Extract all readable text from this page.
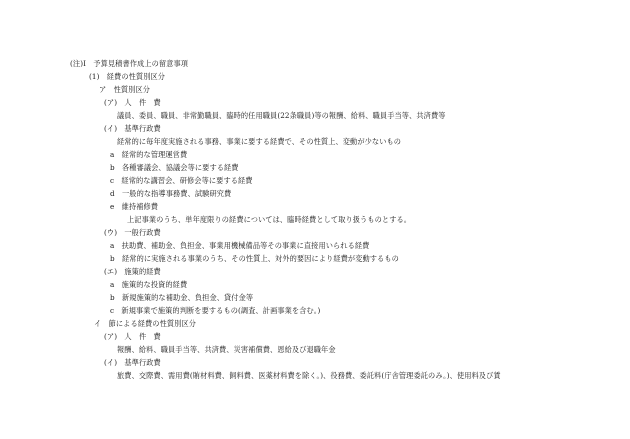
(注)Ⅰ　予算見積書作成上の留意事項
(1)　経費の性質別区分
ア　性質別区分
(ア)　人　件　費
議員、委員、職員、非常勤職員、臨時的任用職員(22条職員)等の報酬、給料、職員手当等、共済費等
(イ)　基準行政費
経常的に毎年度実施される事務、事業に要する経費で、その性質上、変動が少ないもの
a　経常的な管理運営費
b　各種審議会、協議会等に要する経費
c　経常的な講習会、研修会等に要する経費
d　一般的な指導事務費、試験研究費
e　維持補修費
上記事業のうち、単年度限りの経費については、臨時経費として取り扱うものとする。
(ウ)　一般行政費
a　扶助費、補助金、負担金、事業用機械備品等その事業に直接用いられる経費
b　経常的に実施される事業のうち、その性質上、対外的要因により経費が変動するもの
(エ)　施策的経費
a　施策的な投資的経費
b　新規施策的な補助金、負担金、貸付金等
c　新規事業で施策的判断を要するもの(調査、計画事業を含む。)
イ　節による経費の性質別区分
(ア)　人　件　費
報酬、給料、職員手当等、共済費、災害補償費、恩給及び退職年金
(イ)　基準行政費
旅費、交際費、需用費(賄材料費、飼料費、医薬材料費を除く。)、役務費、委託料(庁舎管理委託のみ。)、使用料及び賃
